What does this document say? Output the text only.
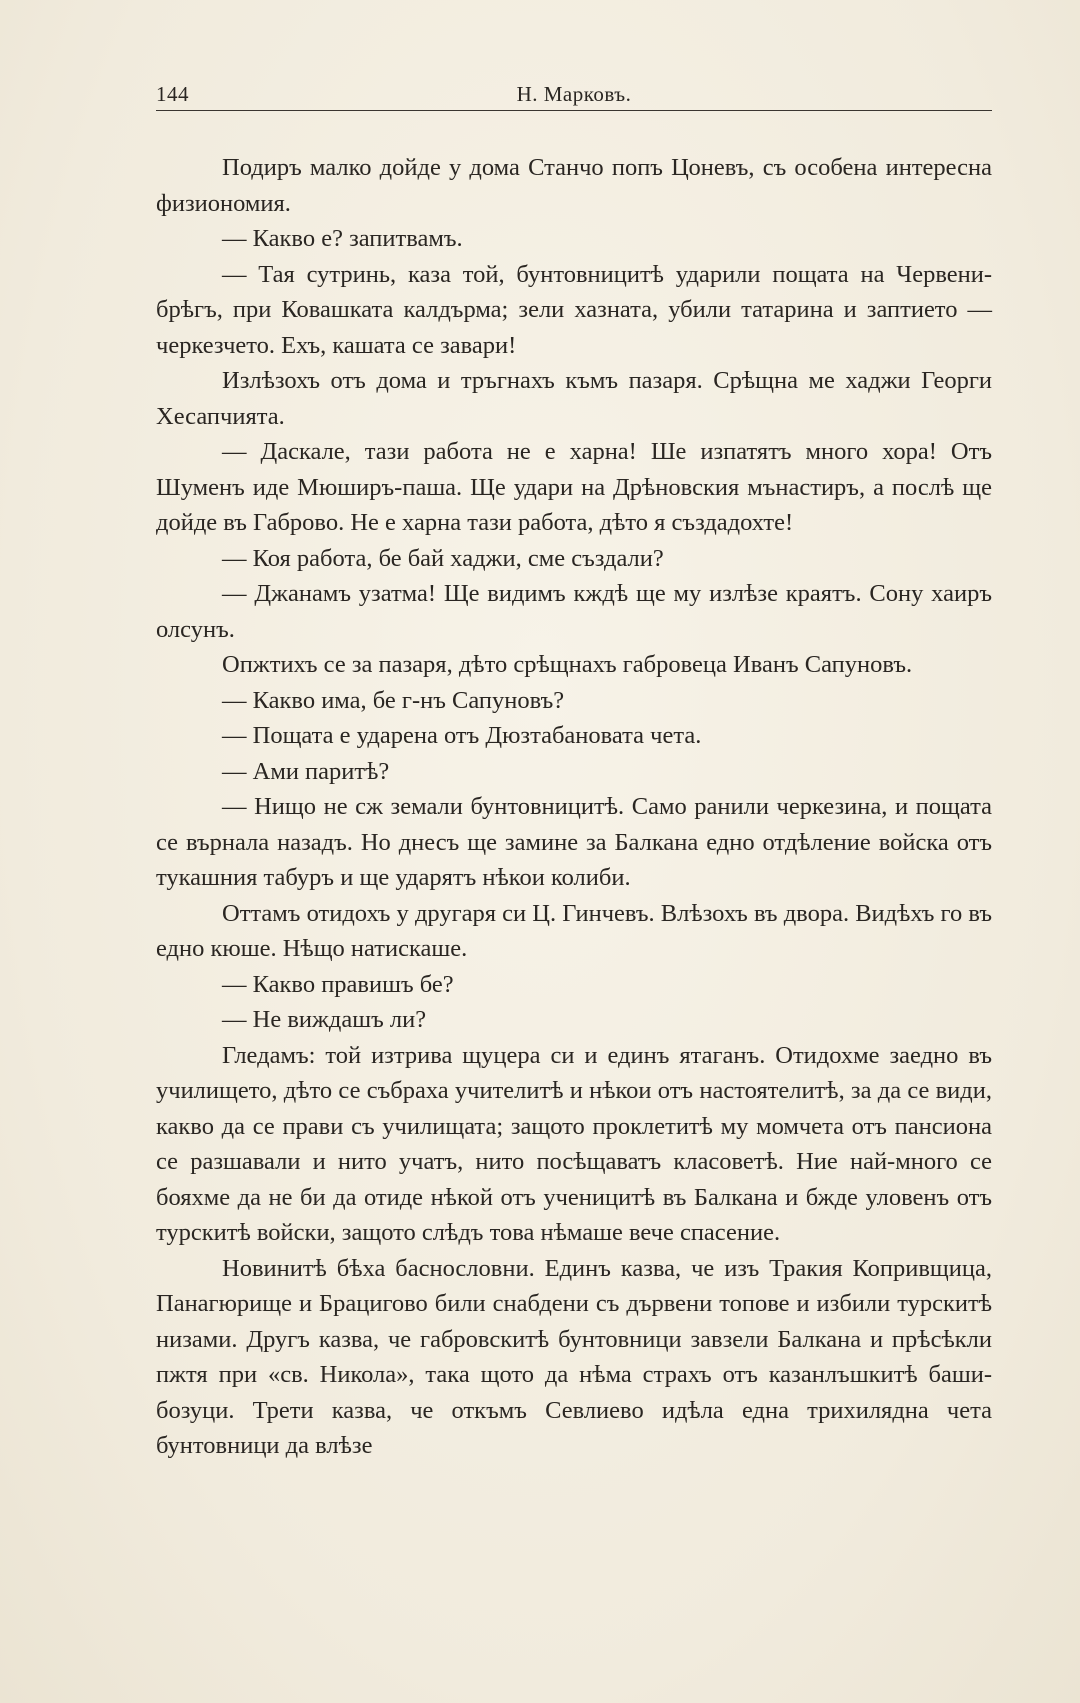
144	Н. Марковъ.

Подиръ малко дойде у дома Станчо попъ Цоневъ, съ особена интересна физиономия.

— Какво е? запитвамъ.

— Тая сутринь, каза той, бунтовницитѣ ударили пощата на Червени-брѣгъ, при Ковашката калдърма; зели хазната, убили татарина и заптието — черкезчето. Ехъ, кашата се завари!

Излѣзохъ отъ дома и тръгнахъ къмъ пазаря. Срѣщна ме хаджи Георги Хесапчията.

— Даскале, тази работа не е харна! Ше изпатятъ много хора! Отъ Шуменъ иде Мюширъ-паша. Ще удари на Дрѣновския мънастиръ, а послѣ ще дойде въ Габрово. Не е харна тази работа, дѣто я създадохте!

— Коя работа, бе бай хаджи, сме създали?

— Джанамъ узатма! Ще видимъ кждѣ ще му излѣзе краятъ. Сону хаиръ олсунъ.

Опжтихъ се за пазаря, дѣто срѣщнахъ габровеца Иванъ Сапуновъ.

— Какво има, бе г-нъ Сапуновъ?

— Пощата е ударена отъ Дюзтабановата чета.

— Ами паритѣ?

— Нищо не сж земали бунтовницитѣ. Само ранили черкезина, и пощата се върнала назадъ. Но днесъ ще замине за Балкана едно отдѣление войска отъ тукашния табуръ и ще ударятъ нѣкои колиби.

Оттамъ отидохъ у другаря си Ц. Гинчевъ. Влѣзохъ въ двора. Видѣхъ го въ едно кюше. Нѣщо натискаше.

— Какво правишъ бе?

— Не виждашъ ли?

Гледамъ: той изтрива щуцера си и единъ ятаганъ. Отидохме заедно въ училището, дѣто се събраха учителитѣ и нѣкои отъ настоятелитѣ, за да се види, какво да се прави съ училищата; защото проклетитѣ му момчета отъ пансиона се разшавали и нито учатъ, нито посѣщаватъ класоветѣ. Ние най-много се бояхме да не би да отиде нѣкой отъ ученицитѣ въ Балкана и бжде уловенъ отъ турскитѣ войски, защото слѣдъ това нѣмаше вече спасение.

Новинитѣ бѣха баснословни. Единъ казва, че изъ Тракия Копривщица, Панагюрище и Брацигово били снабдени съ дървени топове и избили турскитѣ низами. Другъ казва, че габровскитѣ бунтовници завзели Балкана и прѣсѣкли пжтя при «св. Никола», така щото да нѣма страхъ отъ казанлъшкитѣ баши-бозуци. Трети казва, че откъмъ Севлиево идѣла една трихилядна чета бунтовници да влѣзе
